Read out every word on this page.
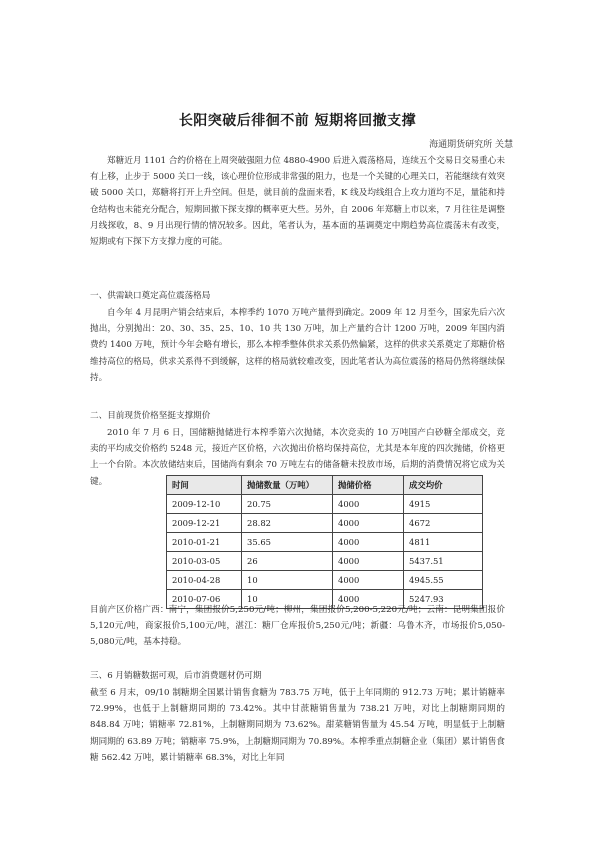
长阳突破后徘徊不前 短期将回撤支撑
海通期货研究所 关慧

郑糖近月 1101 合约价格在上周突破强阻力位 4880-4900 后进入震荡格局，连续五个交易日交易重心未有上移，止步于 5000 关口一线，该心理价位形成非常强的阻力，也是一个关键的心理关口，若能继续有效突破 5000 关口，郑糖将打开上升空间。但是，就目前的盘面来看，K 线及均线组合上攻力道均不足，量能和持仓结构也未能充分配合，短期回撤下探支撑的概率更大些。另外，自 2006 年郑糖上市以来，7 月往往是调整月线探收，8、9 月出现行情的情况较多。因此，笔者认为，基本面的基调奠定中期趋势高位震荡未有改变，短期或有下探下方支撑力度的可能。

一、供需缺口奠定高位震荡格局

自今年 4 月昆明产销会结束后，本榨季约 1070 万吨产量得到确定。2009 年 12 月至今，国家先后六次抛出，分别抛出：20、30、35、25、10、10 共 130 万吨，加上产量约合计 1200 万吨，2009 年国内消费约 1400 万吨，预计今年会略有增长，那么本榨季整体供求关系仍然偏紧，这样的供求关系奠定了郑糖价格维持高位的格局，供求关系得不到缓解，这样的格局就较难改变，因此笔者认为高位震荡的格局仍然将继续保持。

二、目前现货价格坚挺支撑期价

2010 年 7 月 6 日，国储糖抛储进行本榨季第六次抛储，本次竞卖的 10 万吨国产白砂糖全部成交，竞卖的平均成交价格约 5248 元，接近产区价格，六次抛出价格均保持高位，尤其是本年度的四次抛储，价格更上一个台阶。本次放储结束后，国储尚有剩余 70 万吨左右的储备糖未投放市场，后期的消费情况将它成为关键。	时间	抛储数量（万吨）	抛储价格	成交均价
2009-12-10	20.75	4000	4915
2009-12-21	28.82	4000	4672
2010-01-21	35.65	4000	4811
2010-03-05	26	4000	5437.51
2010-04-28	10	4000	4945.55
2010-07-06	10	4000	5247.93

目前产区价格广西：南宁，集团报价5,250元/吨；柳州，集团报价5,200-5,220元/吨；云南：昆明集团报价5,120元/吨，商家报价5,100元/吨，湛江：糖厂仓库报价5,250元/吨；新疆：乌鲁木齐，市场报价5,050-5,080元/吨，基本持稳。

三、6 月销糖数据可观，后市消费题材仍可期

截至 6 月末，09/10 制糖期全国累计销售食糖为 783.75 万吨，低于上年同期的 912.73 万吨；累计销糖率 72.99%，也低于上制糖期同期的 73.42%。其中甘蔗糖销售量为 738.21 万吨，对比上制糖期同期的 848.84 万吨；销糖率 72.81%，上制糖期同期为 73.62%。甜菜糖销售量为 45.54 万吨，明显低于上制糖期同期的 63.89 万吨；销糖率 75.9%，上制糖期同期为 70.89%。本榨季重点制糖企业（集团）累计销售食糖 562.42 万吨，累计销糖率 68.3%，对比上年同
